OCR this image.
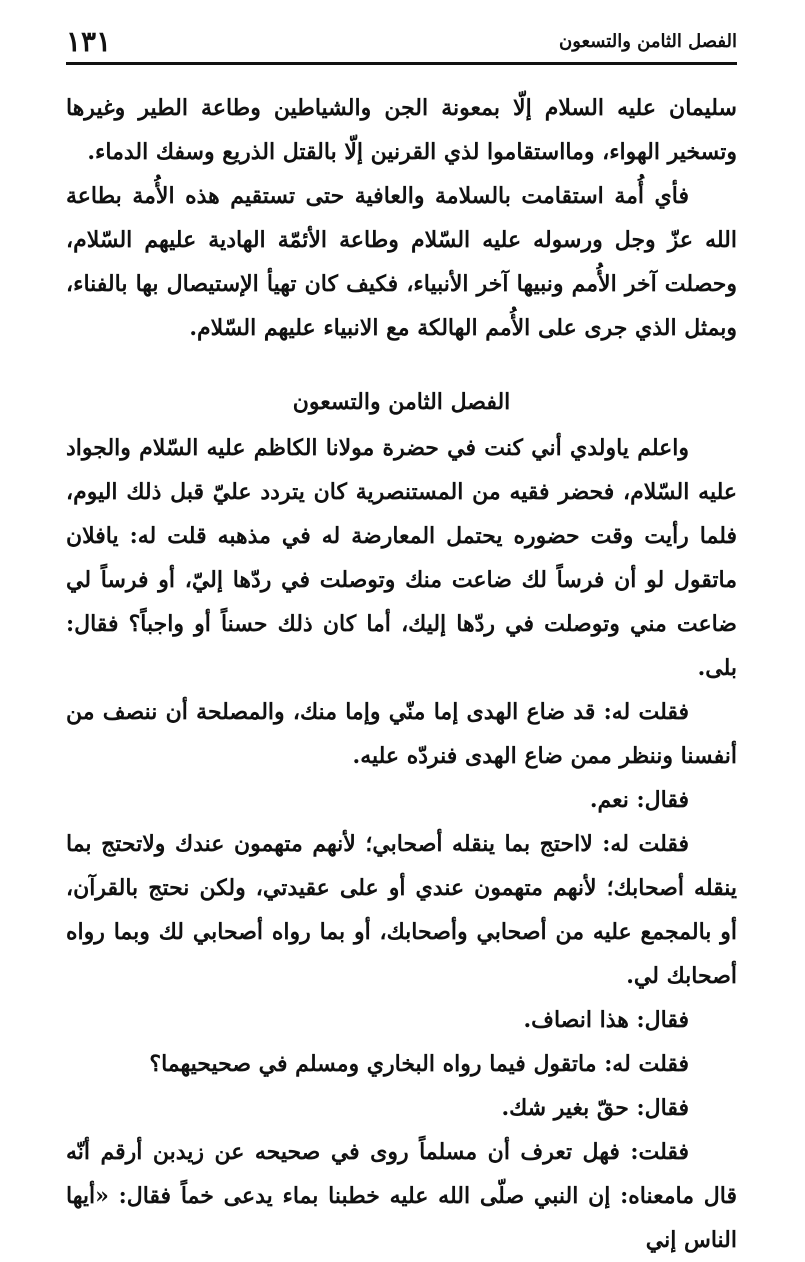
١٣١	الفصل الثامن والتسعون

سليمان عليه السلام إلّا بمعونة الجن والشياطين وطاعة الطير وغيرها وتسخير الهواء، ومااستقاموا لذي القرنين إلّا بالقتل الذريع وسفك الدماء.

فأي أُمة استقامت بالسلامة والعافية حتى تستقيم هذه الأُمة بطاعة الله عزّ وجل ورسوله عليه السّلام وطاعة الأئمّة الهادية عليهم السّلام، وحصلت آخر الأُمم ونبيها آخر الأنبياء، فكيف كان تهيأ الإستيصال بها بالفناء، وبمثل الذي جرى على الأُمم الهالكة مع الانبياء عليهم السّلام.

الفصل الثامن والتسعون

واعلم ياولدي أني كنت في حضرة مولانا الكاظم عليه السّلام والجواد عليه السّلام، فحضر فقيه من المستنصرية كان يتردد عليّ قبل ذلك اليوم، فلما رأيت وقت حضوره يحتمل المعارضة له في مذهبه قلت له: يافلان ماتقول لو أن فرساً لك ضاعت منك وتوصلت في ردّها إليّ، أو فرساً لي ضاعت مني وتوصلت في ردّها إليك، أما كان ذلك حسناً أو واجباً؟ فقال: بلى.

فقلت له: قد ضاع الهدى إما منّي وإما منك، والمصلحة أن ننصف من أنفسنا وننظر ممن ضاع الهدى فنردّه عليه.

فقال: نعم.

فقلت له: لااحتج بما ينقله أصحابي؛ لأنهم متهمون عندك ولاتحتج بما ينقله أصحابك؛ لأنهم متهمون عندي أو على عقيدتي، ولكن نحتج بالقرآن، أو بالمجمع عليه من أصحابي وأصحابك، أو بما رواه أصحابي لك وبما رواه أصحابك لي.

فقال: هذا انصاف.

فقلت له: ماتقول فيما رواه البخاري ومسلم في صحيحيهما؟

فقال: حقّ بغير شك.

فقلت: فهل تعرف أن مسلماً روى في صحيحه عن زيدبن أرقم أنّه قال مامعناه: إن النبي صلّى الله عليه خطبنا بماء يدعى خماً فقال: «أيها الناس إني
